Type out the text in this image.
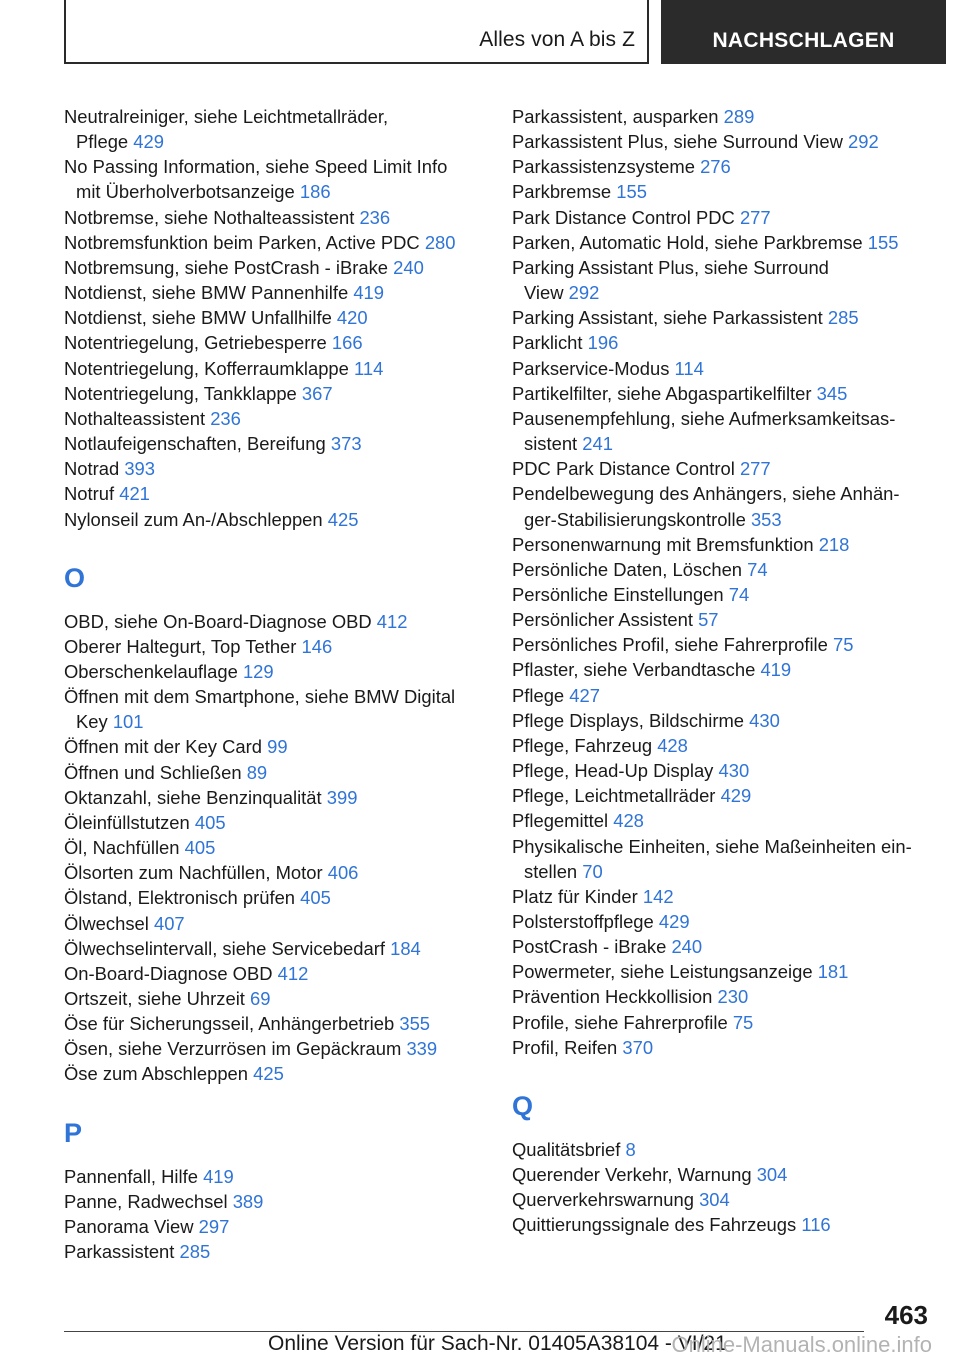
Alles von A bis Z	NACHSCHLAGEN
Neutralreiniger, siehe Leichtmetallräder,
Pflege 429
No Passing Information, siehe Speed Limit Info
mit Überholverbotsanzeige 186
Notbremse, siehe Nothalteassistent 236
Notbremsfunktion beim Parken, Active PDC 280
Notbremsung, siehe PostCrash - iBrake 240
Notdienst, siehe BMW Pannenhilfe 419
Notdienst, siehe BMW Unfallhilfe 420
Notentriegelung, Getriebesperre 166
Notentriegelung, Kofferraumklappe 114
Notentriegelung, Tankklappe 367
Nothalteassistent 236
Notlaufeigenschaften, Bereifung 373
Notrad 393
Notruf 421
Nylonseil zum An-/Abschleppen 425
O
OBD, siehe On-Board-Diagnose OBD 412
Oberer Haltegurt, Top Tether 146
Oberschenkelauflage 129
Öffnen mit dem Smartphone, siehe BMW Digital
Key 101
Öffnen mit der Key Card 99
Öffnen und Schließen 89
Oktanzahl, siehe Benzinqualität 399
Öleinfüllstutzen 405
Öl, Nachfüllen 405
Ölsorten zum Nachfüllen, Motor 406
Ölstand, Elektronisch prüfen 405
Ölwechsel 407
Ölwechselintervall, siehe Servicebedarf 184
On-Board-Diagnose OBD 412
Ortszeit, siehe Uhrzeit 69
Öse für Sicherungsseil, Anhängerbetrieb 355
Ösen, siehe Verzurrösen im Gepäckraum 339
Öse zum Abschleppen 425
P
Pannenfall, Hilfe 419
Panne, Radwechsel 389
Panorama View 297
Parkassistent 285
Parkassistent, ausparken 289
Parkassistent Plus, siehe Surround View 292
Parkassistenzsysteme 276
Parkbremse 155
Park Distance Control PDC 277
Parken, Automatic Hold, siehe Parkbremse 155
Parking Assistant Plus, siehe Surround
View 292
Parking Assistant, siehe Parkassistent 285
Parklicht 196
Parkservice-Modus 114
Partikelfilter, siehe Abgaspartikelfilter 345
Pausenempfehlung, siehe Aufmerksamkeitsas-
sistent 241
PDC Park Distance Control 277
Pendelbewegung des Anhängers, siehe Anhän-
ger-Stabilisierungskontrolle 353
Personenwarnung mit Bremsfunktion 218
Persönliche Daten, Löschen 74
Persönliche Einstellungen 74
Persönlicher Assistent 57
Persönliches Profil, siehe Fahrerprofile 75
Pflaster, siehe Verbandtasche 419
Pflege 427
Pflege Displays, Bildschirme 430
Pflege, Fahrzeug 428
Pflege, Head-Up Display 430
Pflege, Leichtmetallräder 429
Pflegemittel 428
Physikalische Einheiten, siehe Maßeinheiten ein-
stellen 70
Platz für Kinder 142
Polsterstoffpflege 429
PostCrash - iBrake 240
Powermeter, siehe Leistungsanzeige 181
Prävention Heckkollision 230
Profile, siehe Fahrerprofile 75
Profil, Reifen 370
Q
Qualitätsbrief 8
Querender Verkehr, Warnung 304
Querverkehrswarnung 304
Quittierungssignale des Fahrzeugs 116
463
Online Version für Sach-Nr. 01405A38104 - VI/21
Online-Manuals.online.info
